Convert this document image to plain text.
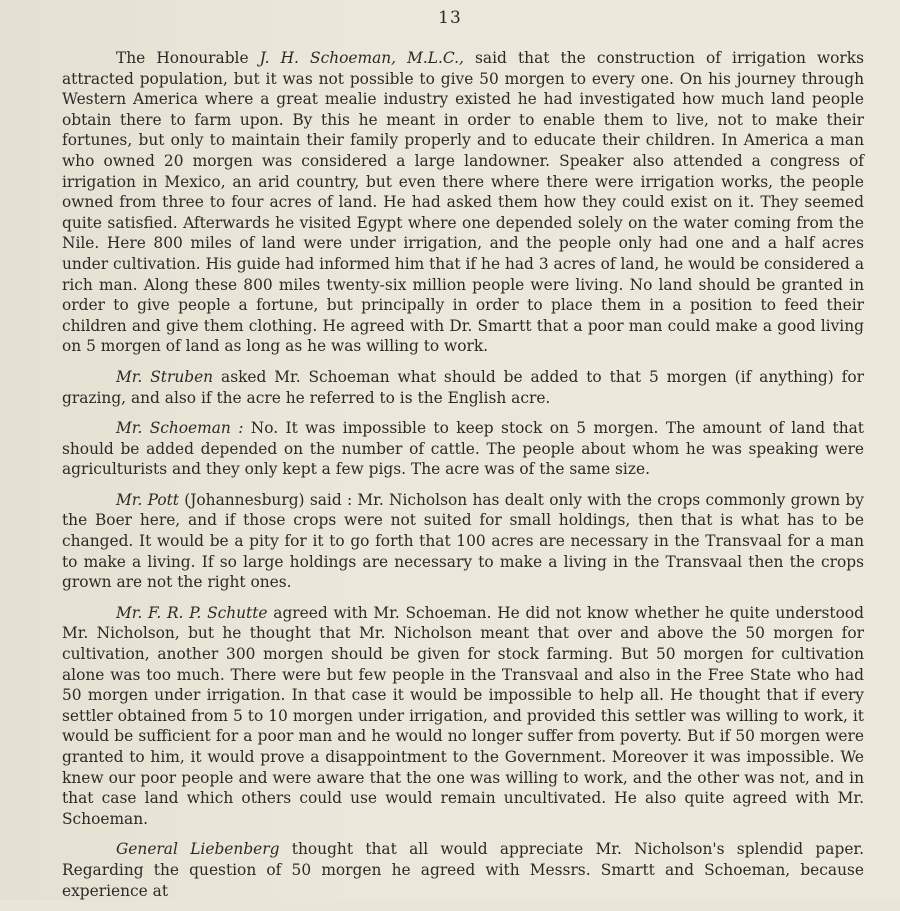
13

The Honourable J. H. Schoeman, M.L.C., said that the construction of irrigation works attracted population, but it was not possible to give 50 morgen to every one. On his journey through Western America where a great mealie industry existed he had investigated how much land people obtain there to farm upon. By this he meant in order to enable them to live, not to make their fortunes, but only to maintain their family properly and to educate their children. In America a man who owned 20 morgen was considered a large landowner. Speaker also attended a congress of irrigation in Mexico, an arid country, but even there where there were irrigation works, the people owned from three to four acres of land. He had asked them how they could exist on it. They seemed quite satisfied. Afterwards he visited Egypt where one depended solely on the water coming from the Nile. Here 800 miles of land were under irrigation, and the people only had one and a half acres under cultivation. His guide had informed him that if he had 3 acres of land, he would be considered a rich man. Along these 800 miles twenty-six million people were living. No land should be granted in order to give people a fortune, but principally in order to place them in a position to feed their children and give them clothing. He agreed with Dr. Smartt that a poor man could make a good living on 5 morgen of land as long as he was willing to work.

Mr. Struben asked Mr. Schoeman what should be added to that 5 morgen (if anything) for grazing, and also if the acre he referred to is the English acre.

Mr. Schoeman : No. It was impossible to keep stock on 5 morgen. The amount of land that should be added depended on the number of cattle. The people about whom he was speaking were agriculturists and they only kept a few pigs. The acre was of the same size.

Mr. Pott (Johannesburg) said : Mr. Nicholson has dealt only with the crops commonly grown by the Boer here, and if those crops were not suited for small holdings, then that is what has to be changed. It would be a pity for it to go forth that 100 acres are necessary in the Transvaal for a man to make a living. If so large holdings are necessary to make a living in the Transvaal then the crops grown are not the right ones.

Mr. F. R. P. Schutte agreed with Mr. Schoeman. He did not know whether he quite understood Mr. Nicholson, but he thought that Mr. Nicholson meant that over and above the 50 morgen for cultivation, another 300 morgen should be given for stock farming. But 50 morgen for cultivation alone was too much. There were but few people in the Transvaal and also in the Free State who had 50 morgen under irrigation. In that case it would be impossible to help all. He thought that if every settler obtained from 5 to 10 morgen under irrigation, and provided this settler was willing to work, it would be sufficient for a poor man and he would no longer suffer from poverty. But if 50 morgen were granted to him, it would prove a disappointment to the Government. Moreover it was impossible. We knew our poor people and were aware that the one was willing to work, and the other was not, and in that case land which others could use would remain uncultivated. He also quite agreed with Mr. Schoeman.

General Liebenberg thought that all would appreciate Mr. Nicholson's splendid paper. Regarding the question of 50 morgen he agreed with Messrs. Smartt and Schoeman, because experience at
